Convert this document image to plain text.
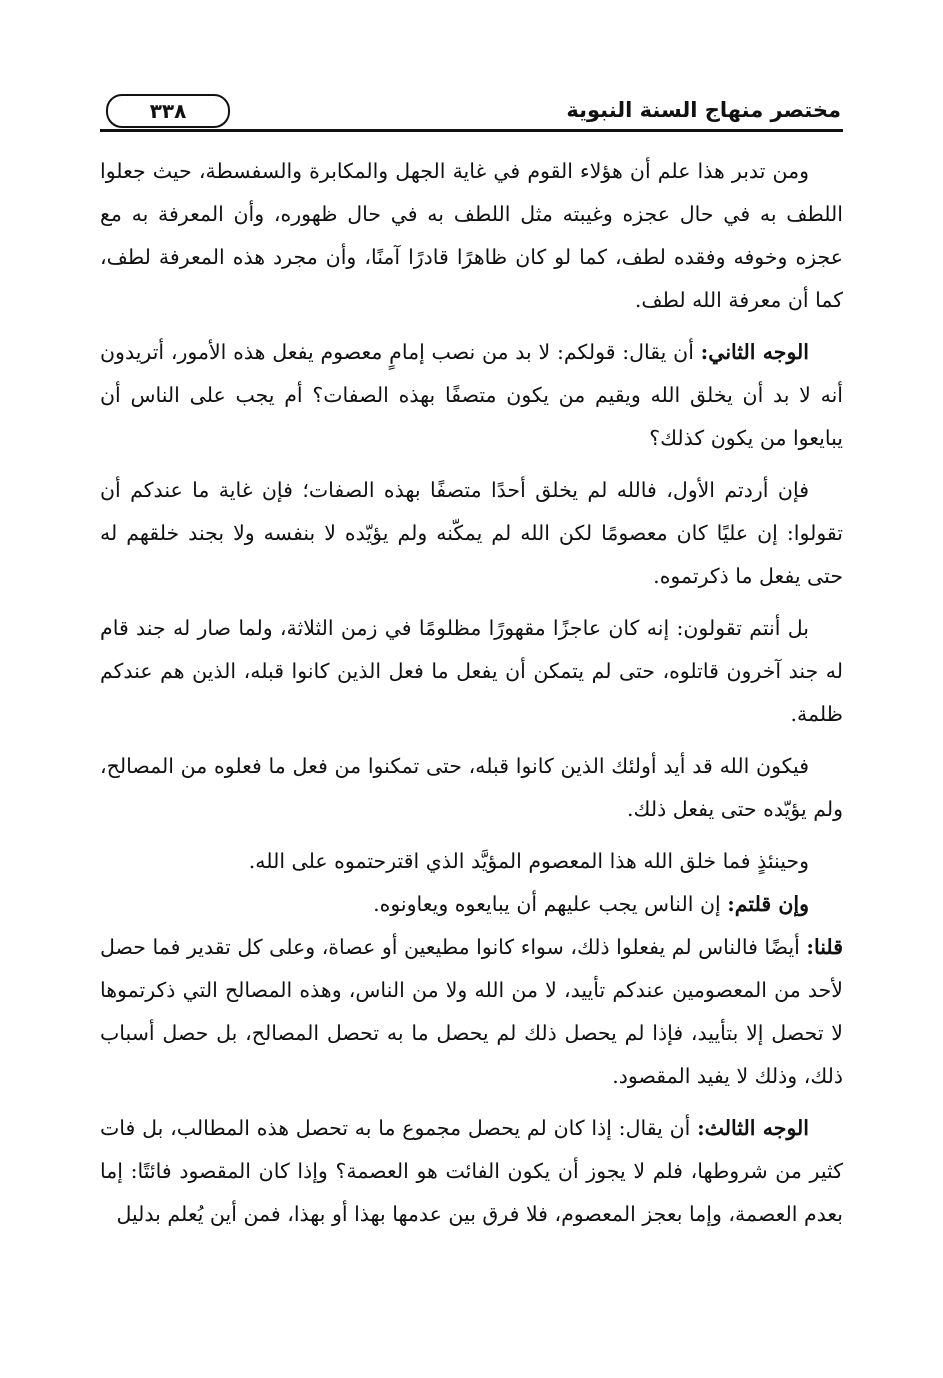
٣٣٨	مختصر منهاج السنة النبوية

ومن تدبر هذا علم أن هؤلاء القوم في غاية الجهل والمكابرة والسفسطة، حيث جعلوا اللطف به في حال عجزه وغيبته مثل اللطف به في حال ظهوره، وأن المعرفة به مع عجزه وخوفه وفقده لطف، كما لو كان ظاهرًا قادرًا آمنًا، وأن مجرد هذه المعرفة لطف، كما أن معرفة الله لطف.

الوجه الثاني: أن يقال: قولكم: لا بد من نصب إمامٍ معصوم يفعل هذه الأمور، أتريدون أنه لا بد أن يخلق الله ويقيم من يكون متصفًا بهذه الصفات؟ أم يجب على الناس أن يبايعوا من يكون كذلك؟

فإن أردتم الأول، فالله لم يخلق أحدًا متصفًا بهذه الصفات؛ فإن غاية ما عندكم أن تقولوا: إن عليًا كان معصومًا لكن الله لم يمكّنه ولم يؤيّده لا بنفسه ولا بجند خلقهم له حتى يفعل ما ذكرتموه.

بل أنتم تقولون: إنه كان عاجزًا مقهورًا مظلومًا في زمن الثلاثة، ولما صار له جند قام له جند آخرون قاتلوه، حتى لم يتمكن أن يفعل ما فعل الذين كانوا قبله، الذين هم عندكم ظلمة.

فيكون الله قد أيد أولئك الذين كانوا قبله، حتى تمكنوا من فعل ما فعلوه من المصالح، ولم يؤيّده حتى يفعل ذلك.

وحينئذٍ فما خلق الله هذا المعصوم المؤيَّد الذي اقترحتموه على الله.

وإن قلتم: إن الناس يجب عليهم أن يبايعوه ويعاونوه.

قلنا: أيضًا فالناس لم يفعلوا ذلك، سواء كانوا مطيعين أو عصاة، وعلى كل تقدير فما حصل لأحد من المعصومين عندكم تأييد، لا من الله ولا من الناس، وهذه المصالح التي ذكرتموها لا تحصل إلا بتأييد، فإذا لم يحصل ذلك لم يحصل ما به تحصل المصالح، بل حصل أسباب ذلك، وذلك لا يفيد المقصود.

الوجه الثالث: أن يقال: إذا كان لم يحصل مجموع ما به تحصل هذه المطالب، بل فات كثير من شروطها، فلم لا يجوز أن يكون الفائت هو العصمة؟ وإذا كان المقصود فائتًا: إما بعدم العصمة، وإما بعجز المعصوم، فلا فرق بين عدمها بهذا أو بهذا، فمن أين يُعلم بدليل
